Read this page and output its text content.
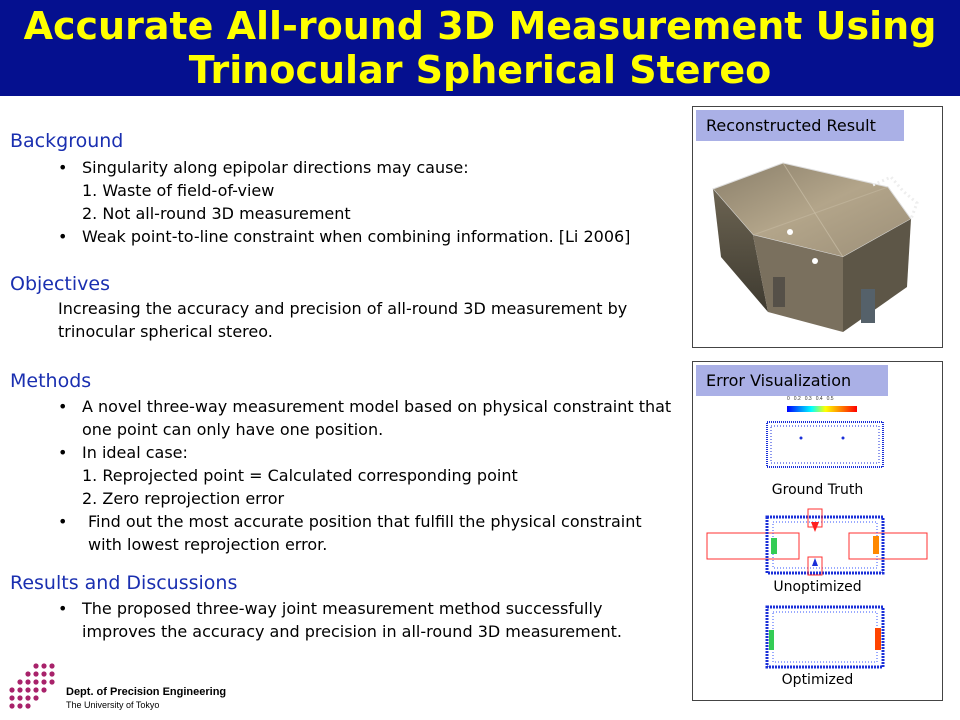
Accurate All-round 3D Measurement Using
Trinocular Spherical Stereo
Background
• Singularity along epipolar directions may cause:
1. Waste of field-of-view
2. Not all-round 3D measurement
• Weak point-to-line constraint when combining information. [Li 2006]
Objectives
Increasing the accuracy and precision of all-round 3D measurement by
trinocular spherical stereo.
Methods
• A novel three-way measurement model based on physical constraint that
one point can only have one position.
• In ideal case:
1. Reprojected point = Calculated corresponding point
2. Zero reprojection error
• Find out the most accurate position that fulfill the physical constraint
with lowest reprojection error.
Results and Discussions
• The proposed three-way joint measurement method successfully
improves the accuracy and precision in all-round 3D measurement.
Reconstructed Result
Error Visualization
0 0.2 0.3 0.4 0.5
Ground Truth
Unoptimized
Optimized
Dept. of Precision Engineering
The University of Tokyo
